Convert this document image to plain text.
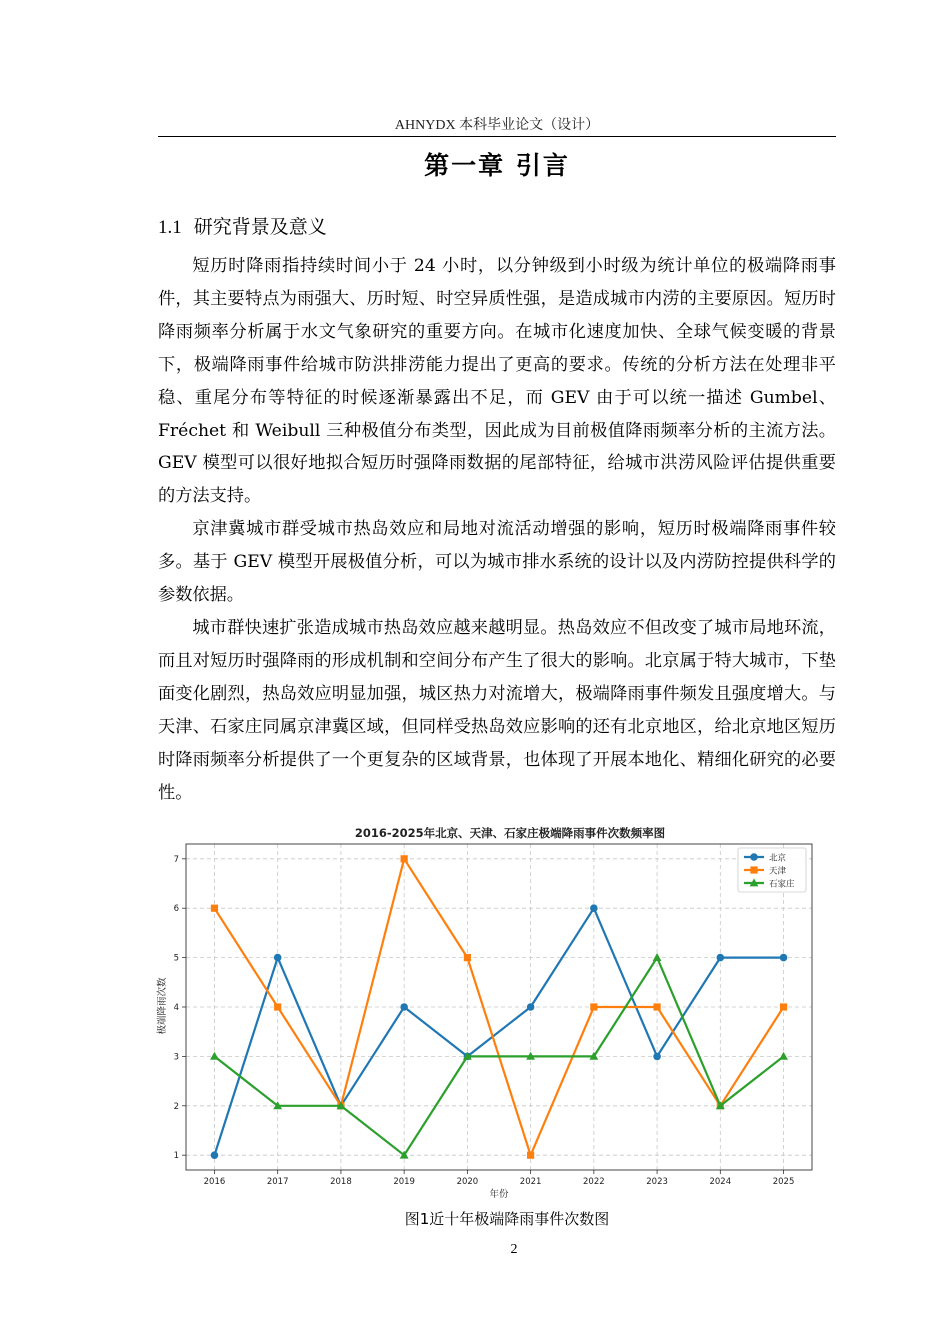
AHNYDX 本科毕业论文（设计）
第一章 引言
1.1 研究背景及意义

短历时降雨指持续时间小于 24 小时，以分钟级到小时级为统计单位的极端降雨事件，其主要特点为雨强大、历时短、时空异质性强，是造成城市内涝的主要原因。短历时降雨频率分析属于水文气象研究的重要方向。在城市化速度加快、全球气候变暖的背景下，极端降雨事件给城市防洪排涝能力提出了更高的要求。传统的分析方法在处理非平稳、重尾分布等特征的时候逐渐暴露出不足，而 GEV 由于可以统一描述 Gumbel、Fréchet 和 Weibull 三种极值分布类型，因此成为目前极值降雨频率分析的主流方法。GEV 模型可以很好地拟合短历时强降雨数据的尾部特征，给城市洪涝风险评估提供重要的方法支持。

京津冀城市群受城市热岛效应和局地对流活动增强的影响，短历时极端降雨事件较多。基于 GEV 模型开展极值分析，可以为城市排水系统的设计以及内涝防控提供科学的参数依据。

城市群快速扩张造成城市热岛效应越来越明显。热岛效应不但改变了城市局地环流，而且对短历时强降雨的形成机制和空间分布产生了很大的影响。北京属于特大城市，下垫面变化剧烈，热岛效应明显加强，城区热力对流增大，极端降雨事件频发且强度增大。与天津、石家庄同属京津冀区域，但同样受热岛效应影响的还有北京地区，给北京地区短历时降雨频率分析提供了一个更复杂的区域背景，也体现了开展本地化、精细化研究的必要性。

2016-2025年北京、天津、石家庄极端降雨事件次数频率图
极端降雨次数
年份
2016	2017	2018	2019	2020	2021	2022	2023	2024	2025
1
2
3
4
5
6
7	北京
天津
石家庄
图1近十年极端降雨事件次数图
2
